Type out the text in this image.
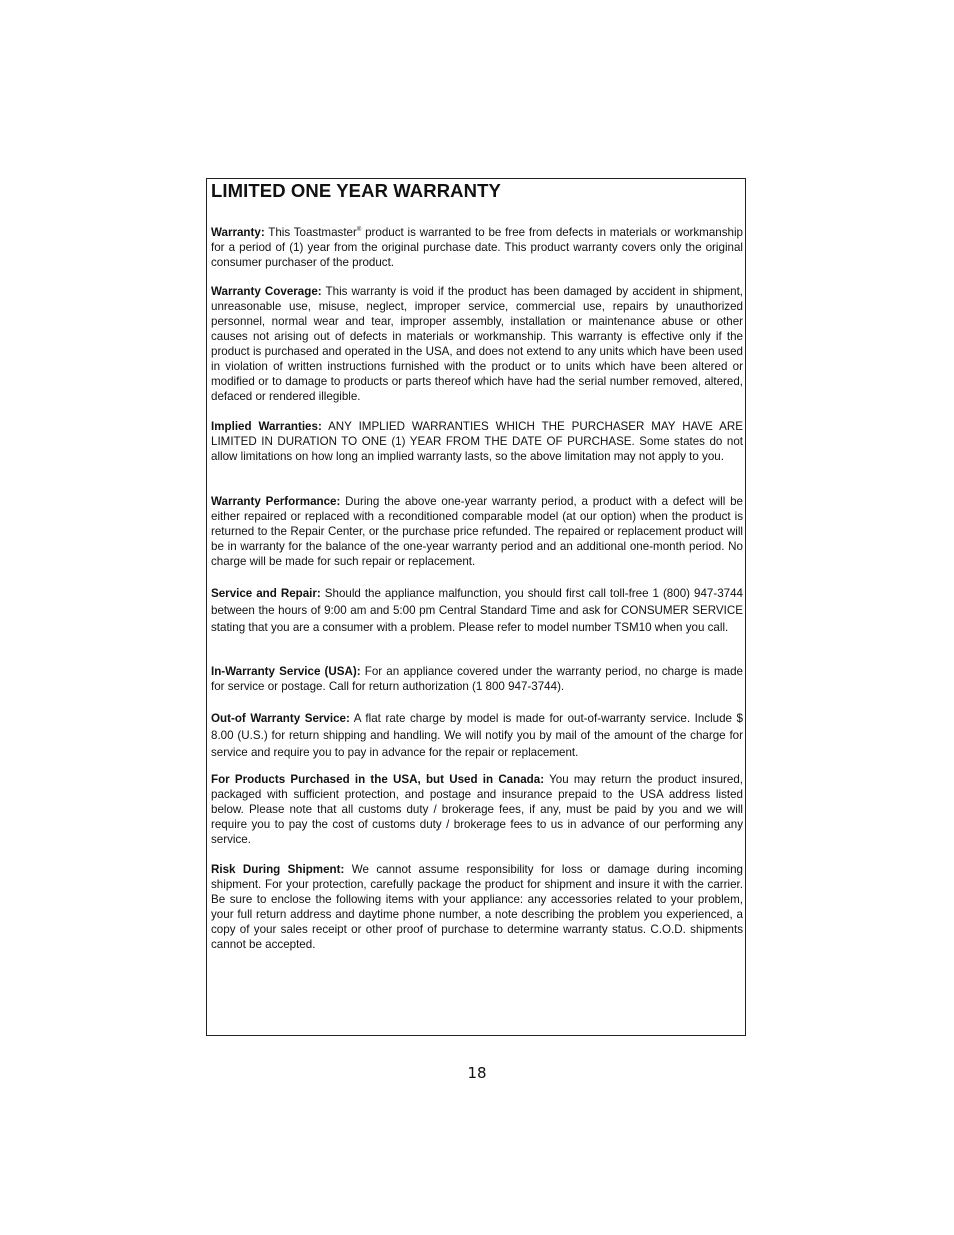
LIMITED ONE YEAR WARRANTY

Warranty: This Toastmaster® product is warranted to be free from defects in materials or workmanship for a period of (1) year from the original purchase date. This product warranty covers only the original consumer purchaser of the product.

Warranty Coverage: This warranty is void if the product has been damaged by accident in shipment, unreasonable use, misuse, neglect, improper service, commercial use, repairs by unauthorized personnel, normal wear and tear, improper assembly, installation or maintenance abuse or other causes not arising out of defects in materials or workmanship. This warranty is effective only if the product is purchased and operated in the USA, and does not extend to any units which have been used in violation of written instructions furnished with the product or to units which have been altered or modified or to damage to products or parts thereof which have had the serial number removed, altered, defaced or rendered illegible.

Implied Warranties: ANY IMPLIED WARRANTIES WHICH THE PURCHASER MAY HAVE ARE LIMITED IN DURATION TO ONE (1) YEAR FROM THE DATE OF PURCHASE. Some states do not allow limitations on how long an implied warranty lasts, so the above limitation may not apply to you.

Warranty Performance: During the above one-year warranty period, a product with a defect will be either repaired or replaced with a reconditioned comparable model (at our option) when the product is returned to the Repair Center, or the purchase price refunded. The repaired or replacement product will be in warranty for the balance of the one-year warranty period and an additional one-month period. No charge will be made for such repair or replacement.

Service and Repair: Should the appliance malfunction, you should first call toll-free 1 (800) 947-3744 between the hours of 9:00 am and 5:00 pm Central Standard Time and ask for CONSUMER SERVICE stating that you are a consumer with a problem. Please refer to model number TSM10 when you call.

In-Warranty Service (USA): For an appliance covered under the warranty period, no charge is made for service or postage. Call for return authorization (1 800 947-3744).

Out-of Warranty Service: A flat rate charge by model is made for out-of-warranty service. Include $ 8.00 (U.S.) for return shipping and handling. We will notify you by mail of the amount of the charge for service and require you to pay in advance for the repair or replacement.

For Products Purchased in the USA, but Used in Canada: You may return the product insured, packaged with sufficient protection, and postage and insurance prepaid to the USA address listed below. Please note that all customs duty / brokerage fees, if any, must be paid by you and we will require you to pay the cost of customs duty / brokerage fees to us in advance of our performing any service.

Risk During Shipment: We cannot assume responsibility for loss or damage during incoming shipment. For your protection, carefully package the product for shipment and insure it with the carrier. Be sure to enclose the following items with your appliance: any accessories related to your problem, your full return address and daytime phone number, a note describing the problem you experienced, a copy of your sales receipt or other proof of purchase to determine warranty status. C.O.D. shipments cannot be accepted.

18
